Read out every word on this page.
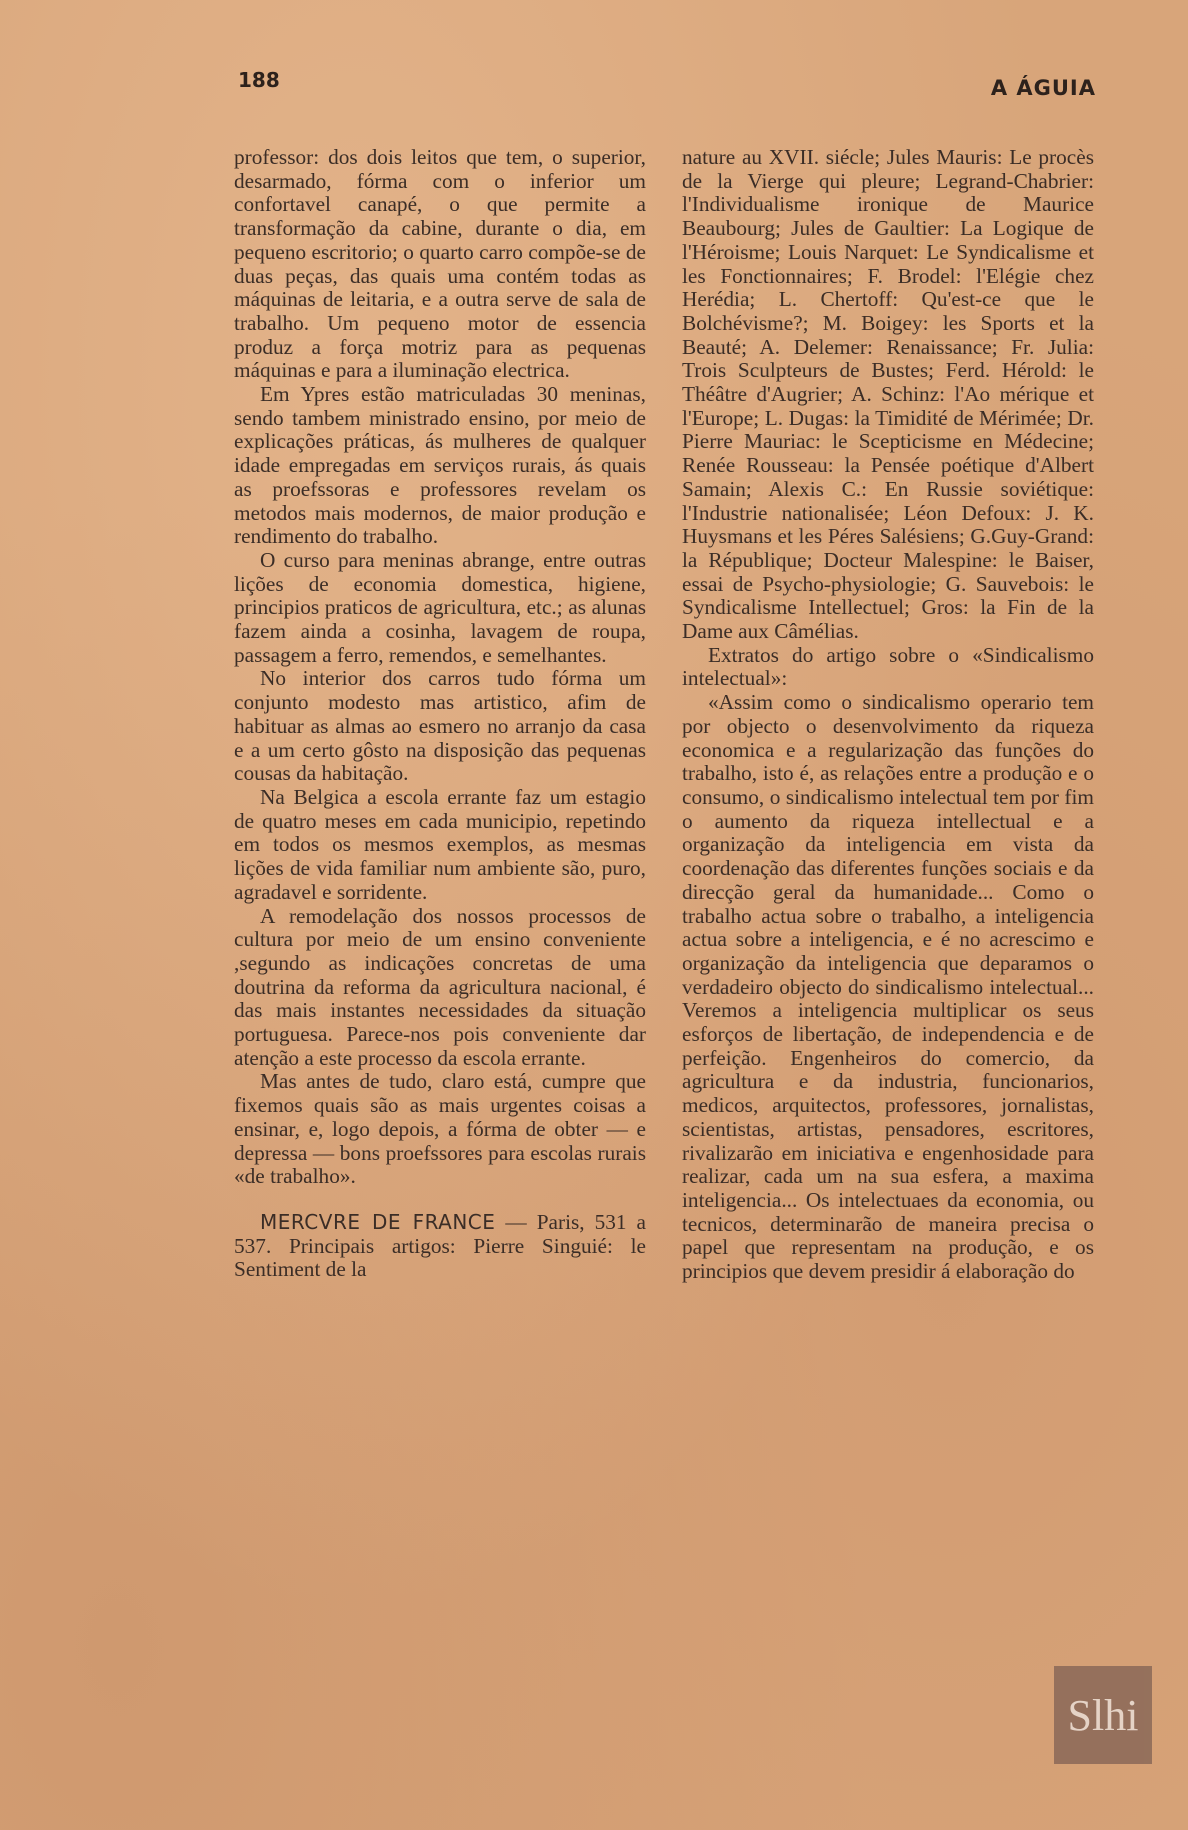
188	A ÁGUIA

professor: dos dois leitos que tem, o superior, desarmado, fórma com o inferior um confortavel canapé, o que permite a transformação da cabine, durante o dia, em pequeno escritorio; o quarto carro compõe-se de duas peças, das quais uma contém todas as máquinas de leitaria, e a outra serve de sala de trabalho. Um pequeno motor de essencia produz a força motriz para as pequenas máquinas e para a iluminação electrica.

Em Ypres estão matriculadas 30 meninas, sendo tambem ministrado ensino, por meio de explicações práticas, ás mulheres de qualquer idade empregadas em serviços rurais, ás quais as proefssoras e professores revelam os metodos mais modernos, de maior produção e rendimento do trabalho.

O curso para meninas abrange, entre outras lições de economia domestica, higiene, principios praticos de agricultura, etc.; as alunas fazem ainda a cosinha, lavagem de roupa, passagem a ferro, remendos, e semelhantes.

No interior dos carros tudo fórma um conjunto modesto mas artistico, afim de habituar as almas ao esmero no arranjo da casa e a um certo gôsto na disposição das pequenas cousas da habitação.

Na Belgica a escola errante faz um estagio de quatro meses em cada municipio, repetindo em todos os mesmos exemplos, as mesmas lições de vida familiar num ambiente são, puro, agradavel e sorridente.

A remodelação dos nossos processos de cultura por meio de um ensino conveniente ,segundo as indicações concretas de uma doutrina da reforma da agricultura nacional, é das mais instantes necessidades da situação portuguesa. Parece-nos pois conveniente dar atenção a este processo da escola errante.

Mas antes de tudo, claro está, cumpre que fixemos quais são as mais urgentes coisas a ensinar, e, logo depois, a fórma de obter — e depressa — bons proefssores para escolas rurais «de trabalho».

MERCVRE DE FRANCE — Paris, 531 a 537. Principais artigos: Pierre Singuié: le Sentiment de la

nature au XVII. siécle; Jules Mauris: Le procès de la Vierge qui pleure; Legrand-Chabrier: l'Individualisme ironique de Maurice Beaubourg; Jules de Gaultier: La Logique de l'Héroisme; Louis Narquet: Le Syndicalisme et les Fonctionnaires; F. Brodel: l'Elégie chez Herédia; L. Chertoff: Qu'est-ce que le Bolchévisme?; M. Boigey: les Sports et la Beauté; A. Delemer: Renaissance; Fr. Julia: Trois Sculpteurs de Bustes; Ferd. Hérold: le Théâtre d'Augrier; A. Schinz: l'Ao mérique et l'Europe; L. Dugas: la Timidité de Mérimée; Dr. Pierre Mauriac: le Scepticisme en Médecine; Renée Rousseau: la Pensée poétique d'Albert Samain; Alexis C.: En Russie soviétique: l'Industrie nationalisée; Léon Defoux: J. K. Huysmans et les Péres Salésiens; G.Guy-Grand: la République; Docteur Malespine: le Baiser, essai de Psycho-physiologie; G. Sauvebois: le Syndicalisme Intellectuel; Gros: la Fin de la Dame aux Câmélias.

Extratos do artigo sobre o «Sindicalismo intelectual»:

«Assim como o sindicalismo operario tem por objecto o desenvolvimento da riqueza economica e a regularização das funções do trabalho, isto é, as relações entre a produção e o consumo, o sindicalismo intelectual tem por fim o aumento da riqueza intellectual e a organização da inteligencia em vista da coordenação das diferentes funções sociais e da direcção geral da humanidade... Como o trabalho actua sobre o trabalho, a inteligencia actua sobre a inteligencia, e é no acrescimo e organização da inteligencia que deparamos o verdadeiro objecto do sindicalismo intelectual... Veremos a inteligencia multiplicar os seus esforços de libertação, de independencia e de perfeição. Engenheiros do comercio, da agricultura e da industria, funcionarios, medicos, arquitectos, professores, jornalistas, scientistas, artistas, pensadores, escritores, rivalizarão em iniciativa e engenhosidade para realizar, cada um na sua esfera, a maxima inteligencia... Os intelectuaes da economia, ou tecnicos, determinarão de maneira precisa o papel que representam na produção, e os principios que devem presidir á elaboração do

Slhi
